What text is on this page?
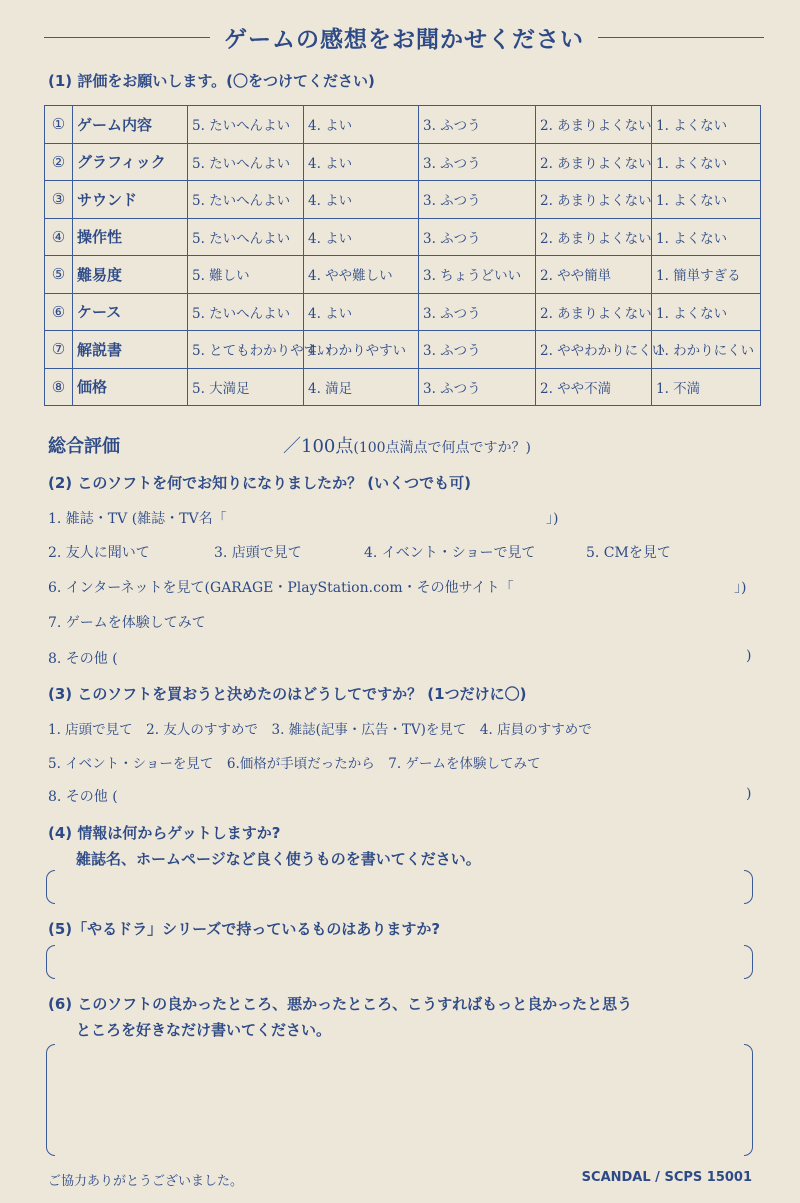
ゲームの感想をお聞かせください
(1) 評価をお願いします。(〇をつけてください)
①	ゲーム内容	5. たいへんよい	4. よい	3. ふつう	2. あまりよくない	1. よくない
②	グラフィック	5. たいへんよい	4. よい	3. ふつう	2. あまりよくない	1. よくない
③	サウンド	5. たいへんよい	4. よい	3. ふつう	2. あまりよくない	1. よくない
④	操作性	5. たいへんよい	4. よい	3. ふつう	2. あまりよくない	1. よくない
⑤	難易度	5. 難しい	4. やや難しい	3. ちょうどいい	2. やや簡単	1. 簡単すぎる
⑥	ケース	5. たいへんよい	4. よい	3. ふつう	2. あまりよくない	1. よくない
⑦	解説書	5. とてもわかりやすい	4. わかりやすい	3. ふつう	2. ややわかりにくい	1. わかりにくい
⑧	価格	5. 大満足	4. 満足	3. ふつう	2. やや不満	1. 不満
総合評価	／100点(100点満点で何点ですか？)
(2) このソフトを何でお知りになりましたか？ (いくつでも可)
1. 雑誌・TV (雑誌・TV名「	」)
2. 友人に聞いて	3. 店頭で見て	4. イベント・ショーで見て	5. CMを見て
6. インターネットを見て(GARAGE・PlayStation.com・その他サイト「	」)
7. ゲームを体験してみて
8. その他 (	)
(3) このソフトを買おうと決めたのはどうしてですか？ (1つだけに〇)
1. 店頭で見て　2. 友人のすすめで　3. 雑誌(記事・広告・TV)を見て　4. 店員のすすめで
5. イベント・ショーを見て　6.価格が手頃だったから　7. ゲームを体験してみて
8. その他 (	)
(4) 情報は何からゲットしますか?
雑誌名、ホームページなど良く使うものを書いてください。
(5)「やるドラ」シリーズで持っているものはありますか?
(6) このソフトの良かったところ、悪かったところ、こうすればもっと良かったと思う
ところを好きなだけ書いてください。
ご協力ありがとうございました。	SCANDAL / SCPS 15001
